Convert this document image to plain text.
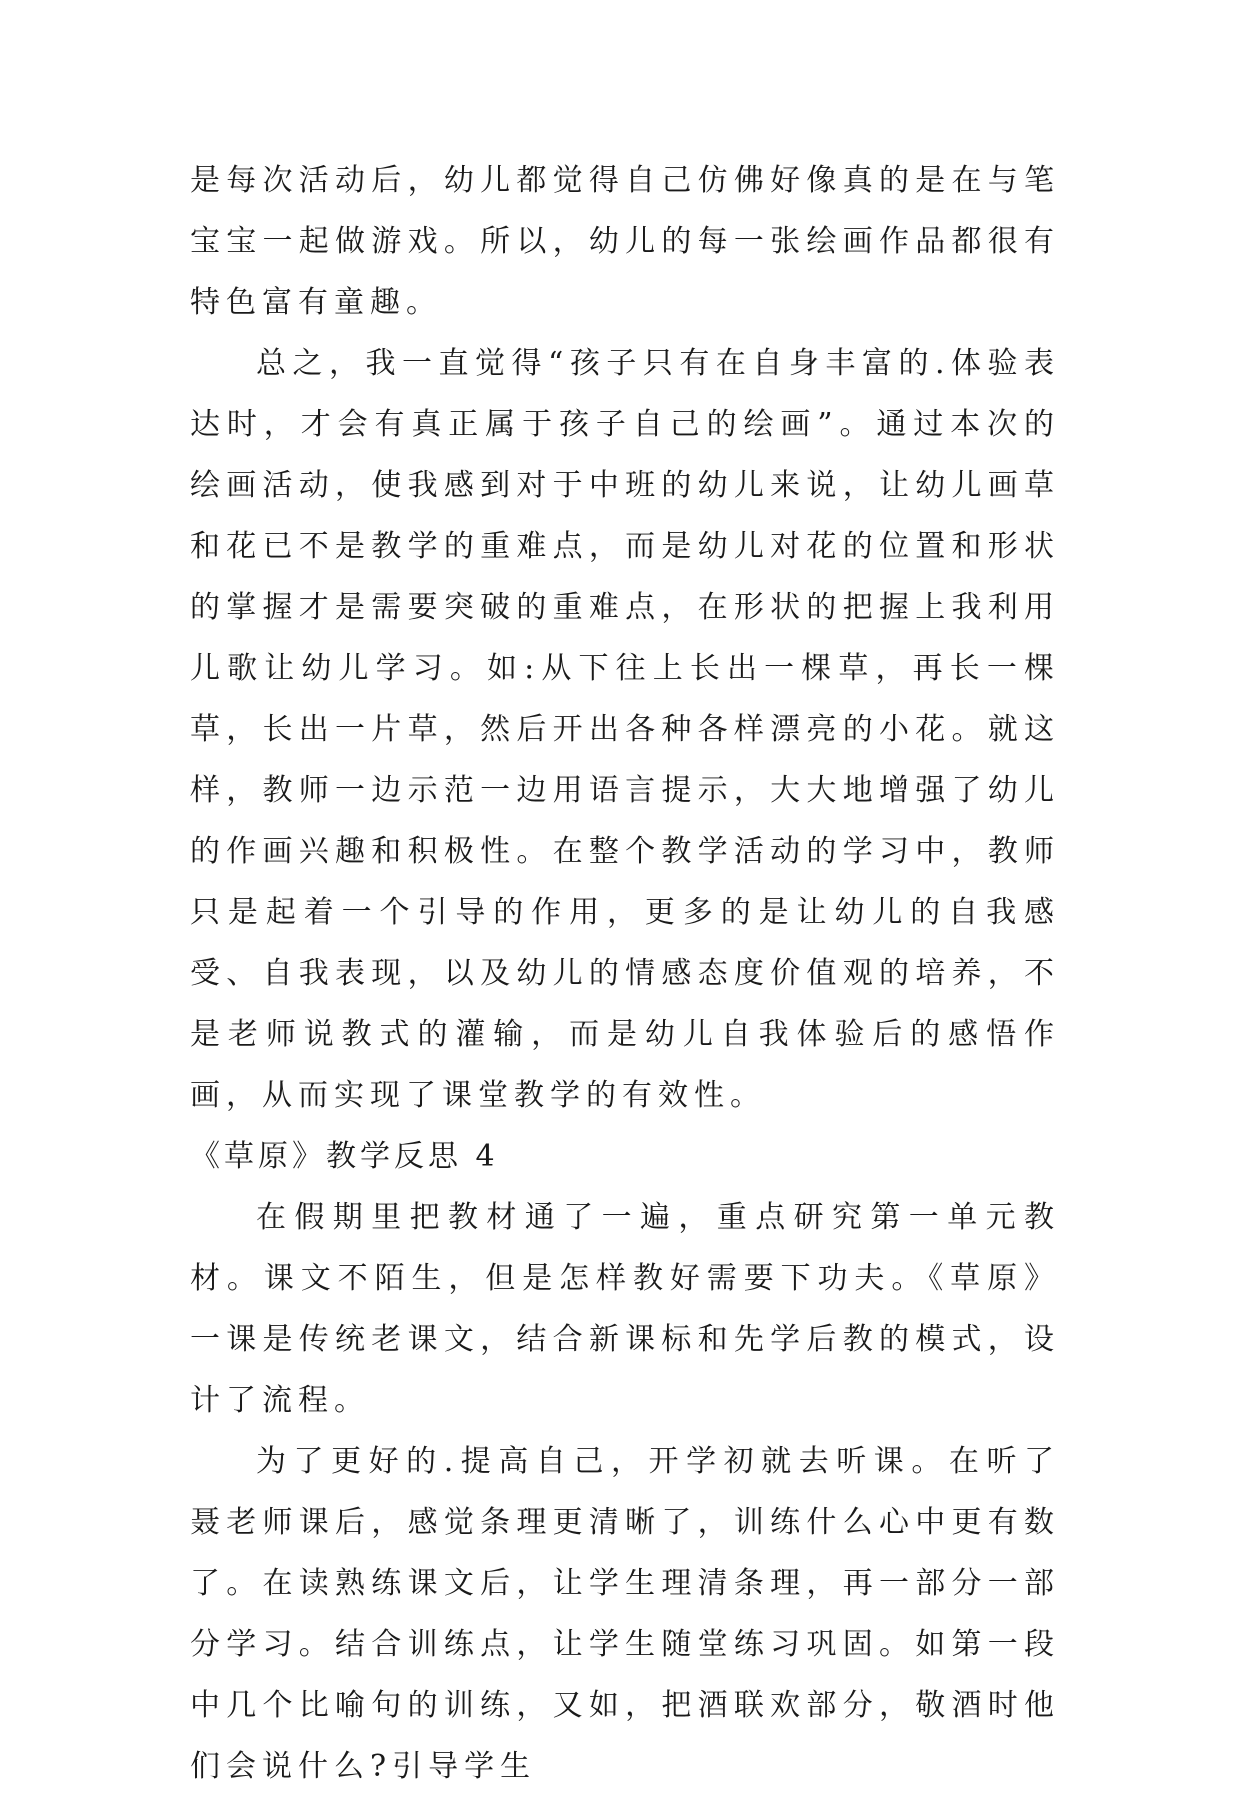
是每次活动后，幼儿都觉得自己仿佛好像真的是在与笔宝宝一起做游戏。所以，幼儿的每一张绘画作品都很有特色富有童趣。

总之，我一直觉得“孩子只有在自身丰富的.体验表达时，才会有真正属于孩子自己的绘画”。通过本次的绘画活动，使我感到对于中班的幼儿来说，让幼儿画草和花已不是教学的重难点，而是幼儿对花的位置和形状的掌握才是需要突破的重难点，在形状的把握上我利用儿歌让幼儿学习。如:从下往上长出一棵草，再长一棵草，长出一片草，然后开出各种各样漂亮的小花。就这样，教师一边示范一边用语言提示，大大地增强了幼儿的作画兴趣和积极性。在整个教学活动的学习中，教师只是起着一个引导的作用，更多的是让幼儿的自我感受、自我表现，以及幼儿的情感态度价值观的培养，不是老师说教式的灌输，而是幼儿自我体验后的感悟作画，从而实现了课堂教学的有效性。

《草原》教学反思 4

在假期里把教材通了一遍，重点研究第一单元教材。课文不陌生，但是怎样教好需要下功夫。《草原》一课是传统老课文，结合新课标和先学后教的模式，设计了流程。

为了更好的.提高自己，开学初就去听课。在听了聂老师课后，感觉条理更清晰了，训练什么心中更有数了。在读熟练课文后，让学生理清条理，再一部分一部分学习。结合训练点，让学生随堂练习巩固。如第一段中几个比喻句的训练，又如，把酒联欢部分，敬酒时他们会说什么?引导学生
